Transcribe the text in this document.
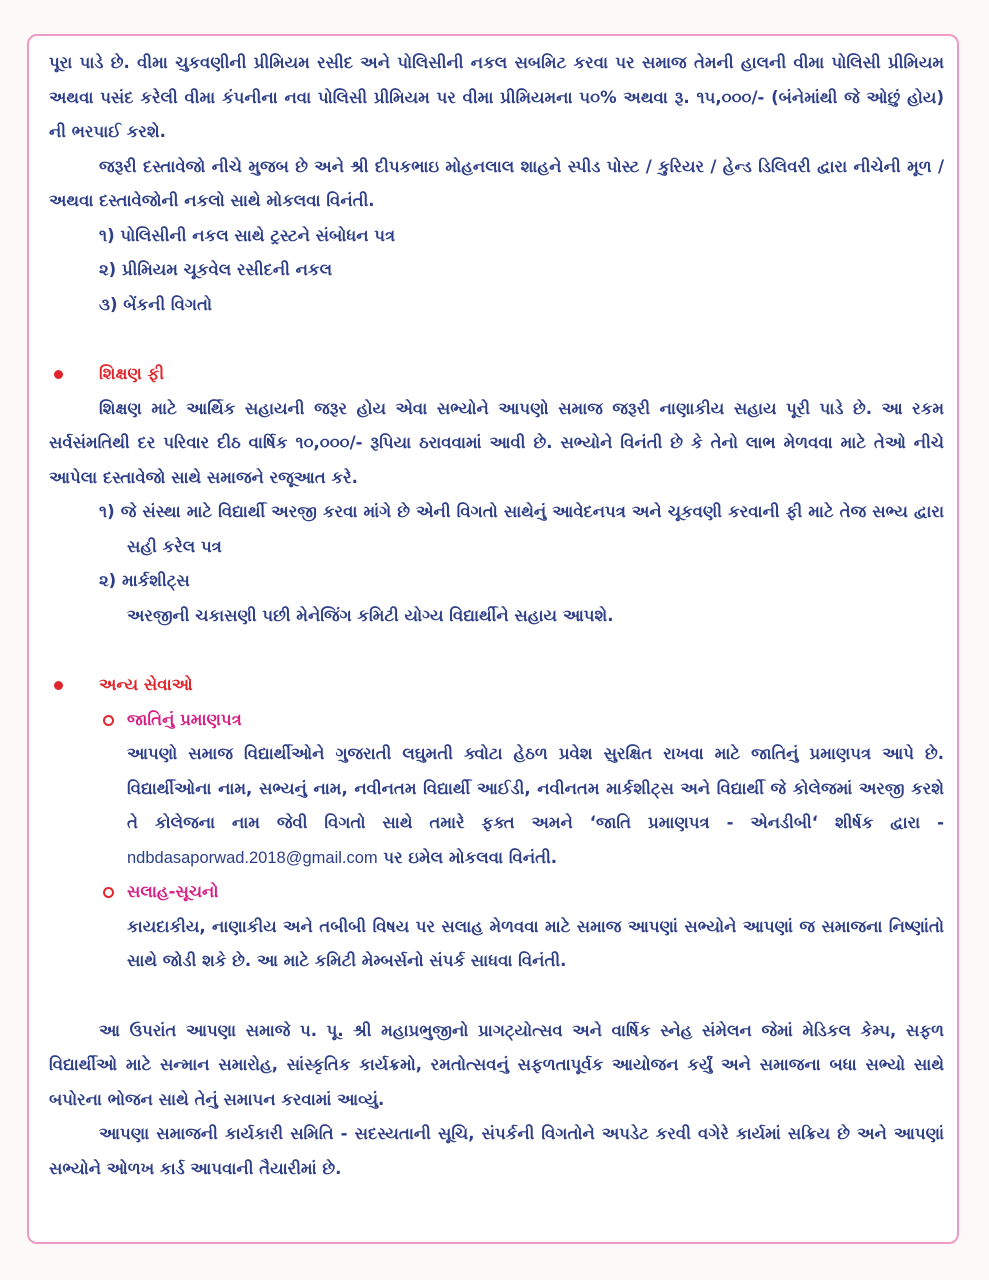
પૂરા પાડે છે. વીમા ચુકવણીની પ્રીમિયમ રસીદ અને પોલિસીની નકલ સબમિટ કરવા પર સમાજ તેમની હાલની વીમા પોલિસી પ્રીમિયમ અથવા પસંદ કરેલી વીમા કંપનીના નવા પોલિસી પ્રીમિયમ પર વીમા પ્રીમિયમના ૫૦% અથવા રૂ. ૧૫,૦૦૦/- (બંનેમાંથી જે ઓછું હોય) ની ભરપાઈ કરશે.

જરૂરી દસ્તાવેજો નીચે મુજબ છે અને શ્રી દીપકભાઇ મોહનલાલ શાહને સ્પીડ પોસ્ટ / કુરિયર / હેન્ડ ડિલિવરી દ્વારા નીચેની મૂળ / અથવા દસ્તાવેજોની નકલો સાથે મોકલવા વિનંતી.

૧) પોલિસીની નકલ સાથે ટ્રસ્ટને સંબોધન પત્ર

૨) પ્રીમિયમ ચૂકવેલ રસીદની નકલ

૩) બેંકની વિગતો

શિક્ષણ ફી

શિક્ષણ માટે આર્થિક સહાયની જરૂર હોય એવા સભ્યોને આપણો સમાજ જરૂરી નાણાકીય સહાય પૂરી પાડે છે. આ રકમ સર્વસંમતિથી દર પરિવાર દીઠ વાર્ષિક ૧૦,૦૦૦/- રૂપિયા ઠરાવવામાં આવી છે. સભ્યોને વિનંતી છે કે તેનો લાભ મેળવવા માટે તેઓ નીચે આપેલા દસ્તાવેજો સાથે સમાજને રજૂઆત કરે.

૧) જે સંસ્થા માટે વિદ્યાર્થી અરજી કરવા માંગે છે એની વિગતો સાથેનું આવેદનપત્ર અને ચૂકવણી કરવાની ફી માટે તેજ સભ્ય દ્વારા સહી કરેલ પત્ર

૨) માર્કશીટ્સ

અરજીની ચકાસણી પછી મેનેજિંગ કમિટી યોગ્ય વિદ્યાર્થીને સહાય આપશે.

અન્ય સેવાઓ
જાતિનું પ્રમાણપત્ર

આપણો સમાજ વિદ્યાર્થીઓને ગુજરાતી લઘુમતી ક્વોટા હેઠળ પ્રવેશ સુરક્ષિત રાખવા માટે જાતિનું પ્રમાણપત્ર આપે છે. વિદ્યાર્થીઓના નામ, સભ્યનું નામ, નવીનતમ વિદ્યાર્થી આઈડી, નવીનતમ માર્કશીટ્સ અને વિદ્યાર્થી જે કોલેજમાં અરજી કરશે તે કોલેજના નામ જેવી વિગતો સાથે તમારે ફક્ત અમને ‘જાતિ પ્રમાણપત્ર - એનડીબી‘ શીર્ષક દ્વારા - ndbdasaporwad.2018@gmail.com પર ઇમેલ મોકલવા વિનંતી.

સલાહ-સૂચનો

કાયદાકીય, નાણાકીય અને તબીબી વિષય પર સલાહ મેળવવા માટે સમાજ આપણાં સભ્યોને આપણાં જ સમાજના નિષ્ણાંતો સાથે જોડી શકે છે. આ માટે કમિટી મેમ્બર્સનો સંપર્ક સાધવા વિનંતી.

આ ઉપરાંત આપણા સમાજે પ. પૂ. શ્રી મહાપ્રભુજીનો પ્રાગટ્યોત્સવ અને વાર્ષિક સ્નેહ સંમેલન જેમાં મેડિકલ કેમ્પ, સફળ વિદ્યાર્થીઓ માટે સન્માન સમારોહ, સાંસ્કૃતિક કાર્યક્રમો, રમતોત્સવનું સફળતાપૂર્વક આયોજન કર્યું અને સમાજના બધા સભ્યો સાથે બપોરના ભોજન સાથે તેનું સમાપન કરવામાં આવ્યું.

આપણા સમાજની કાર્યકારી સમિતિ - સદસ્યતાની સૂચિ, સંપર્કની વિગતોને અપડેટ કરવી વગેરે કાર્યમાં સક્રિય છે અને આપણાં સભ્યોને ઓળખ કાર્ડ આપવાની તૈયારીમાં છે.
